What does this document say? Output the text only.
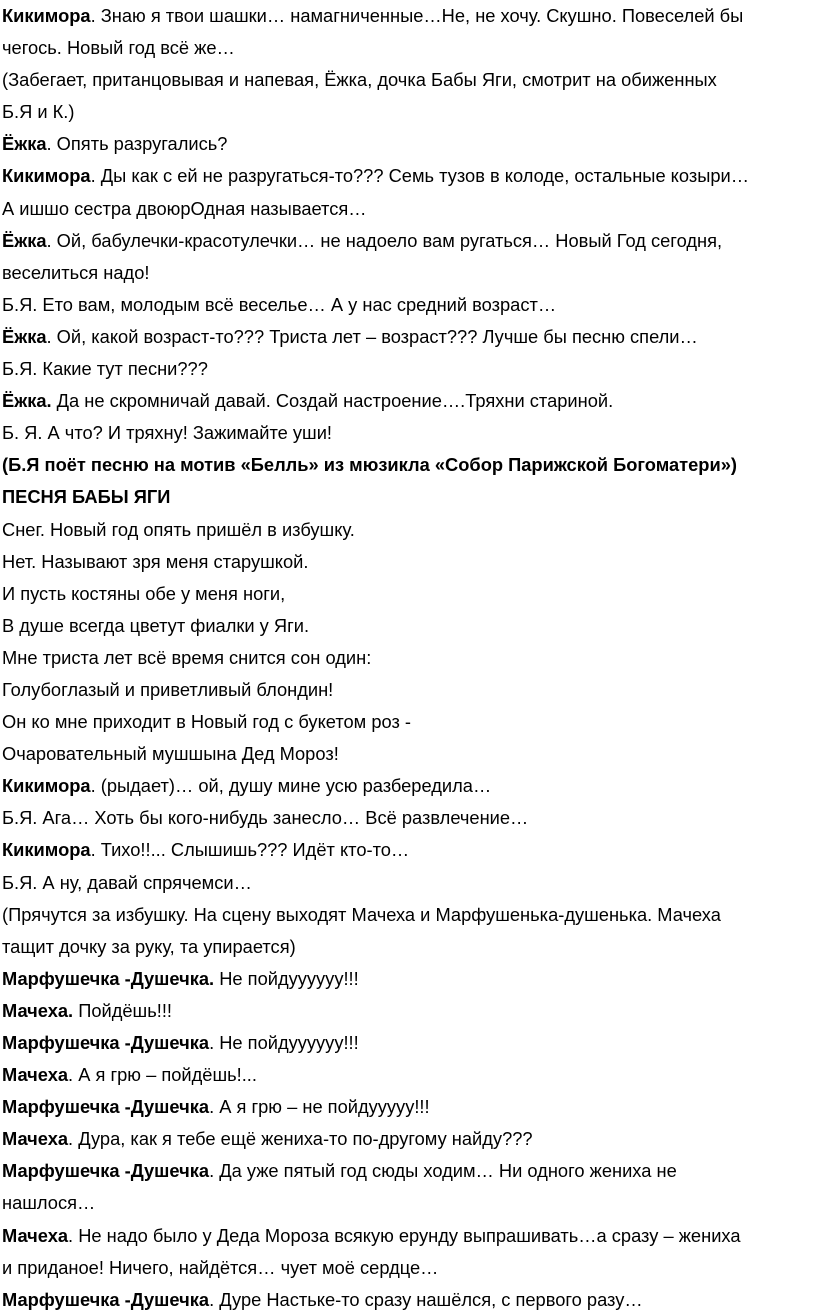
Кикимора. Знаю я твои шашки… намагниченные…Не, не хочу. Скушно. Повеселей бы
чегось. Новый год всё же…
(Забегает, пританцовывая и напевая, Ёжка, дочка Бабы Яги, смотрит на обиженных
Б.Я и К.)
Ёжка. Опять разругались?
Кикимора. Ды как с ей не разругаться-то??? Семь тузов в колоде, остальные козыри…
А ишшо сестра двоюрОдная называется…
Ёжка. Ой, бабулечки-красотулечки… не надоело вам ругаться… Новый Год сегодня,
веселиться надо!
Б.Я. Ето вам, молодым всё веселье… А у нас средний возраст…
Ёжка. Ой, какой возраст-то??? Триста лет – возраст??? Лучше бы песню спели…
Б.Я. Какие тут песни???
Ёжка. Да не скромничай давай. Создай настроение….Тряхни стариной.
Б. Я. А что? И тряхну! Зажимайте уши!
(Б.Я поёт песню на мотив «Белль» из мюзикла «Собор Парижской Богоматери»)
ПЕСНЯ БАБЫ ЯГИ
Снег. Новый год опять пришёл в избушку.
Нет. Называют зря меня старушкой.
И пусть костяны обе у меня ноги,
В душе всегда цветут фиалки у Яги.
Мне триста лет всё время снится сон один:
Голубоглазый и приветливый блондин!
Он ко мне приходит в Новый год с букетом роз -
Очаровательный мушшына Дед Мороз!
Кикимора. (рыдает)… ой, душу мине усю разбередила…
Б.Я. Ага… Хоть бы кого-нибудь занесло… Всё развлечение…
Кикимора. Тихо!!... Слышишь??? Идёт кто-то…
Б.Я. А ну, давай спрячемси…
(Прячутся за избушку. На сцену выходят Мачеха и Марфушенька-душенька. Мачеха
тащит дочку за руку, та упирается)
Марфушечка -Душечка. Не пойдуууууу!!!
Мачеха. Пойдёшь!!!
Марфушечка -Душечка. Не пойдуууууу!!!
Мачеха. А я грю – пойдёшь!...
Марфушечка -Душечка. А я грю – не пойдууууу!!!
Мачеха. Дура, как я тебе ещё жениха-то по-другому найду???
Марфушечка -Душечка. Да уже пятый год сюды ходим… Ни одного жениха не
нашлося…
Мачеха. Не надо было у Деда Мороза всякую ерунду выпрашивать…а сразу – жениха
и приданое! Ничего, найдётся… чует моё сердце…
Марфушечка -Душечка. Дуре Настьке-то сразу нашёлся, с первого разу…
